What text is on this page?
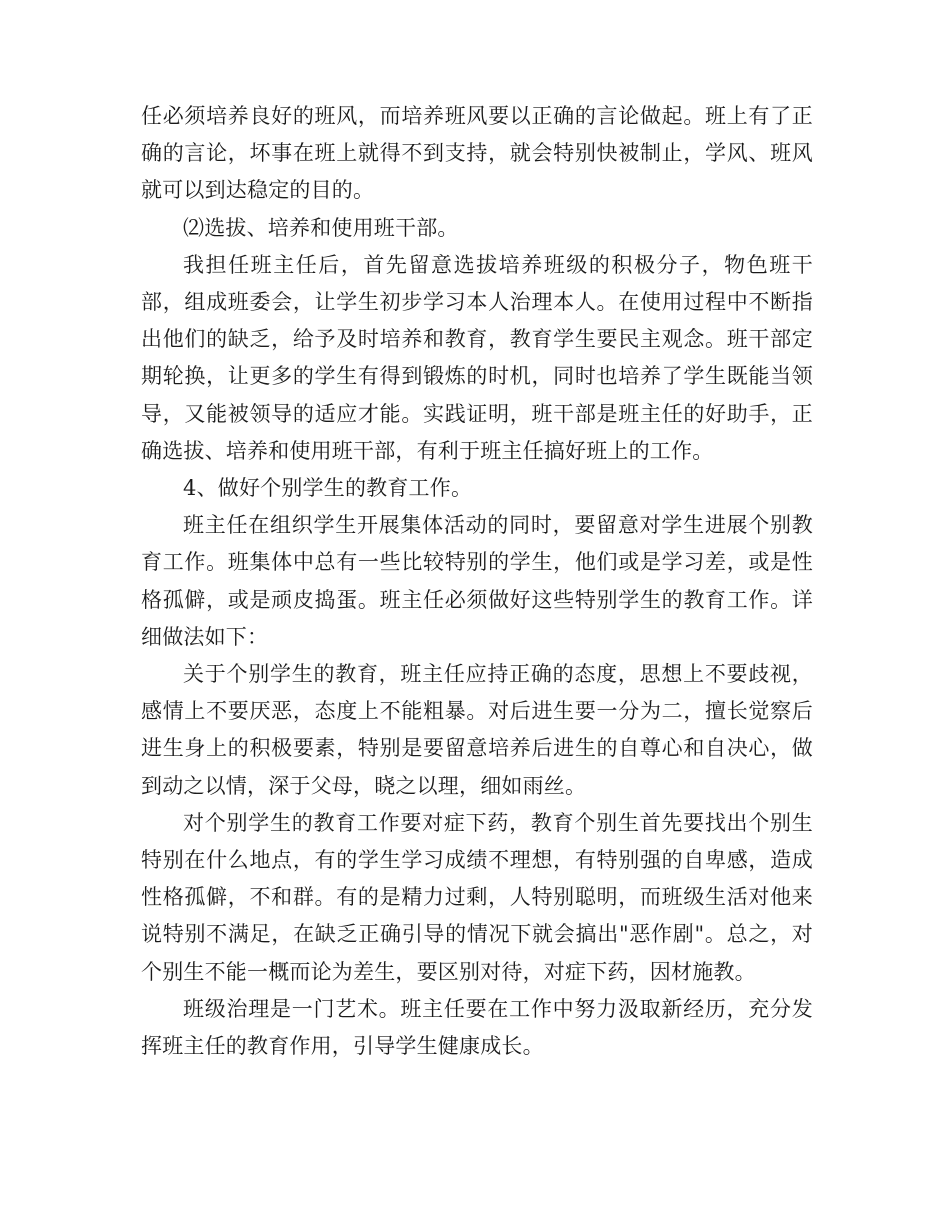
任必须培养良好的班风，而培养班风要以正确的言论做起。班上有了正确的言论，坏事在班上就得不到支持，就会特别快被制止，学风、班风就可以到达稳定的目的。

⑵选拔、培养和使用班干部。

我担任班主任后，首先留意选拔培养班级的积极分子，物色班干部，组成班委会，让学生初步学习本人治理本人。在使用过程中不断指出他们的缺乏，给予及时培养和教育，教育学生要民主观念。班干部定期轮换，让更多的学生有得到锻炼的时机，同时也培养了学生既能当领导，又能被领导的适应才能。实践证明，班干部是班主任的好助手，正确选拔、培养和使用班干部，有利于班主任搞好班上的工作。

4、做好个别学生的教育工作。

班主任在组织学生开展集体活动的同时，要留意对学生进展个别教育工作。班集体中总有一些比较特别的学生，他们或是学习差，或是性格孤僻，或是顽皮捣蛋。班主任必须做好这些特别学生的教育工作。详细做法如下：

关于个别学生的教育，班主任应持正确的态度，思想上不要歧视，感情上不要厌恶，态度上不能粗暴。对后进生要一分为二，擅长觉察后进生身上的积极要素，特别是要留意培养后进生的自尊心和自决心，做到动之以情，深于父母，晓之以理，细如雨丝。

对个别学生的教育工作要对症下药，教育个别生首先要找出个别生特别在什么地点，有的学生学习成绩不理想，有特别强的自卑感，造成性格孤僻，不和群。有的是精力过剩，人特别聪明，而班级生活对他来说特别不满足，在缺乏正确引导的情况下就会搞出"恶作剧"。总之，对个别生不能一概而论为差生，要区别对待，对症下药，因材施教。

班级治理是一门艺术。班主任要在工作中努力汲取新经历，充分发挥班主任的教育作用，引导学生健康成长。
